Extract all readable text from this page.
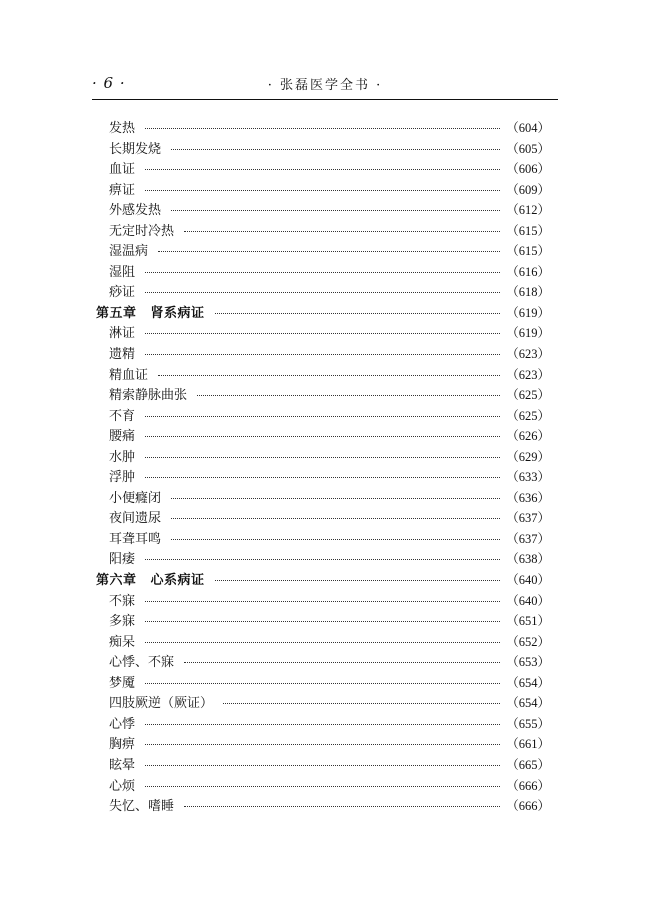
· 6 ·	· 张磊医学全书 ·
发热	（604）
长期发烧	（605）
血证	（606）
痹证	（609）
外感发热	（612）
无定时冷热	（615）
湿温病	（615）
湿阻	（616）
痧证	（618）
第五章 肾系病证	（619）
淋证	（619）
遗精	（623）
精血证	（623）
精索静脉曲张	（625）
不育	（625）
腰痛	（626）
水肿	（629）
浮肿	（633）
小便癃闭	（636）
夜间遗尿	（637）
耳聋耳鸣	（637）
阳痿	（638）
第六章 心系病证	（640）
不寐	（640）
多寐	（651）
痴呆	（652）
心悸、不寐	（653）
梦魇	（654）
四肢厥逆（厥证）	（654）
心悸	（655）
胸痹	（661）
眩晕	（665）
心烦	（666）
失忆、嗜睡	（666）
